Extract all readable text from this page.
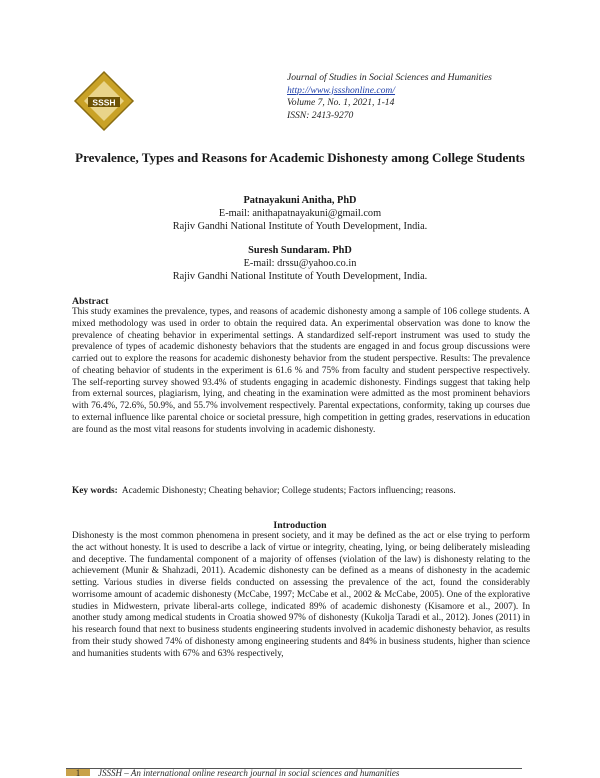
SSSH
Journal of Studies in Social Sciences and Humanities
http://www.jssshonline.com/
Volume 7, No. 1, 2021, 1-14
ISSN: 2413-9270
Prevalence, Types and Reasons for Academic Dishonesty among College Students
Patnayakuni Anitha, PhD
E-mail: anithapatnayakuni@gmail.com
Rajiv Gandhi National Institute of Youth Development, India.
Suresh Sundaram. PhD
E-mail: drssu@yahoo.co.in
Rajiv Gandhi National Institute of Youth Development, India.
Abstract
This study examines the prevalence, types, and reasons of academic dishonesty among a sample of 106 college students. A mixed methodology was used in order to obtain the required data. An experimental observation was done to know the prevalence of cheating behavior in experimental settings. A standardized self-report instrument was used to study the prevalence of types of academic dishonesty behaviors that the students are engaged in and focus group discussions were carried out to explore the reasons for academic dishonesty behavior from the student perspective. Results: The prevalence of cheating behavior of students in the experiment is 61.6 % and 75% from faculty and student perspective respectively. The self-reporting survey showed 93.4% of students engaging in academic dishonesty. Findings suggest that taking help from external sources, plagiarism, lying, and cheating in the examination were admitted as the most prominent behaviors with 76.4%, 72.6%, 50.9%, and 55.7% involvement respectively. Parental expectations, conformity, taking up courses due to external influence like parental choice or societal pressure, high competition in getting grades, reservations in education are found as the most vital reasons for students involving in academic dishonesty.
Key words: Academic Dishonesty; Cheating behavior; College students; Factors influencing; reasons.
Introduction
Dishonesty is the most common phenomena in present society, and it may be defined as the act or else trying to perform the act without honesty. It is used to describe a lack of virtue or integrity, cheating, lying, or being deliberately misleading and deceptive. The fundamental component of a majority of offenses (violation of the law) is dishonesty relating to the achievement (Munir & Shahzadi, 2011). Academic dishonesty can be defined as a means of dishonesty in the academic setting. Various studies in diverse fields conducted on assessing the prevalence of the act, found the considerably worrisome amount of academic dishonesty (McCabe, 1997; McCabe et al., 2002 & McCabe, 2005). One of the explorative studies in Midwestern, private liberal-arts college, indicated 89% of academic dishonesty (Kisamore et al., 2007). In another study among medical students in Croatia showed 97% of dishonesty (Kukolja Taradi et al., 2012). Jones (2011) in his research found that next to business students engineering students involved in academic dishonesty behavior, as results from their study showed 74% of dishonesty among engineering students and 84% in business students, higher than science and humanities students with 67% and 63% respectively,
1	JSSSH – An international online research journal in social sciences and humanities
